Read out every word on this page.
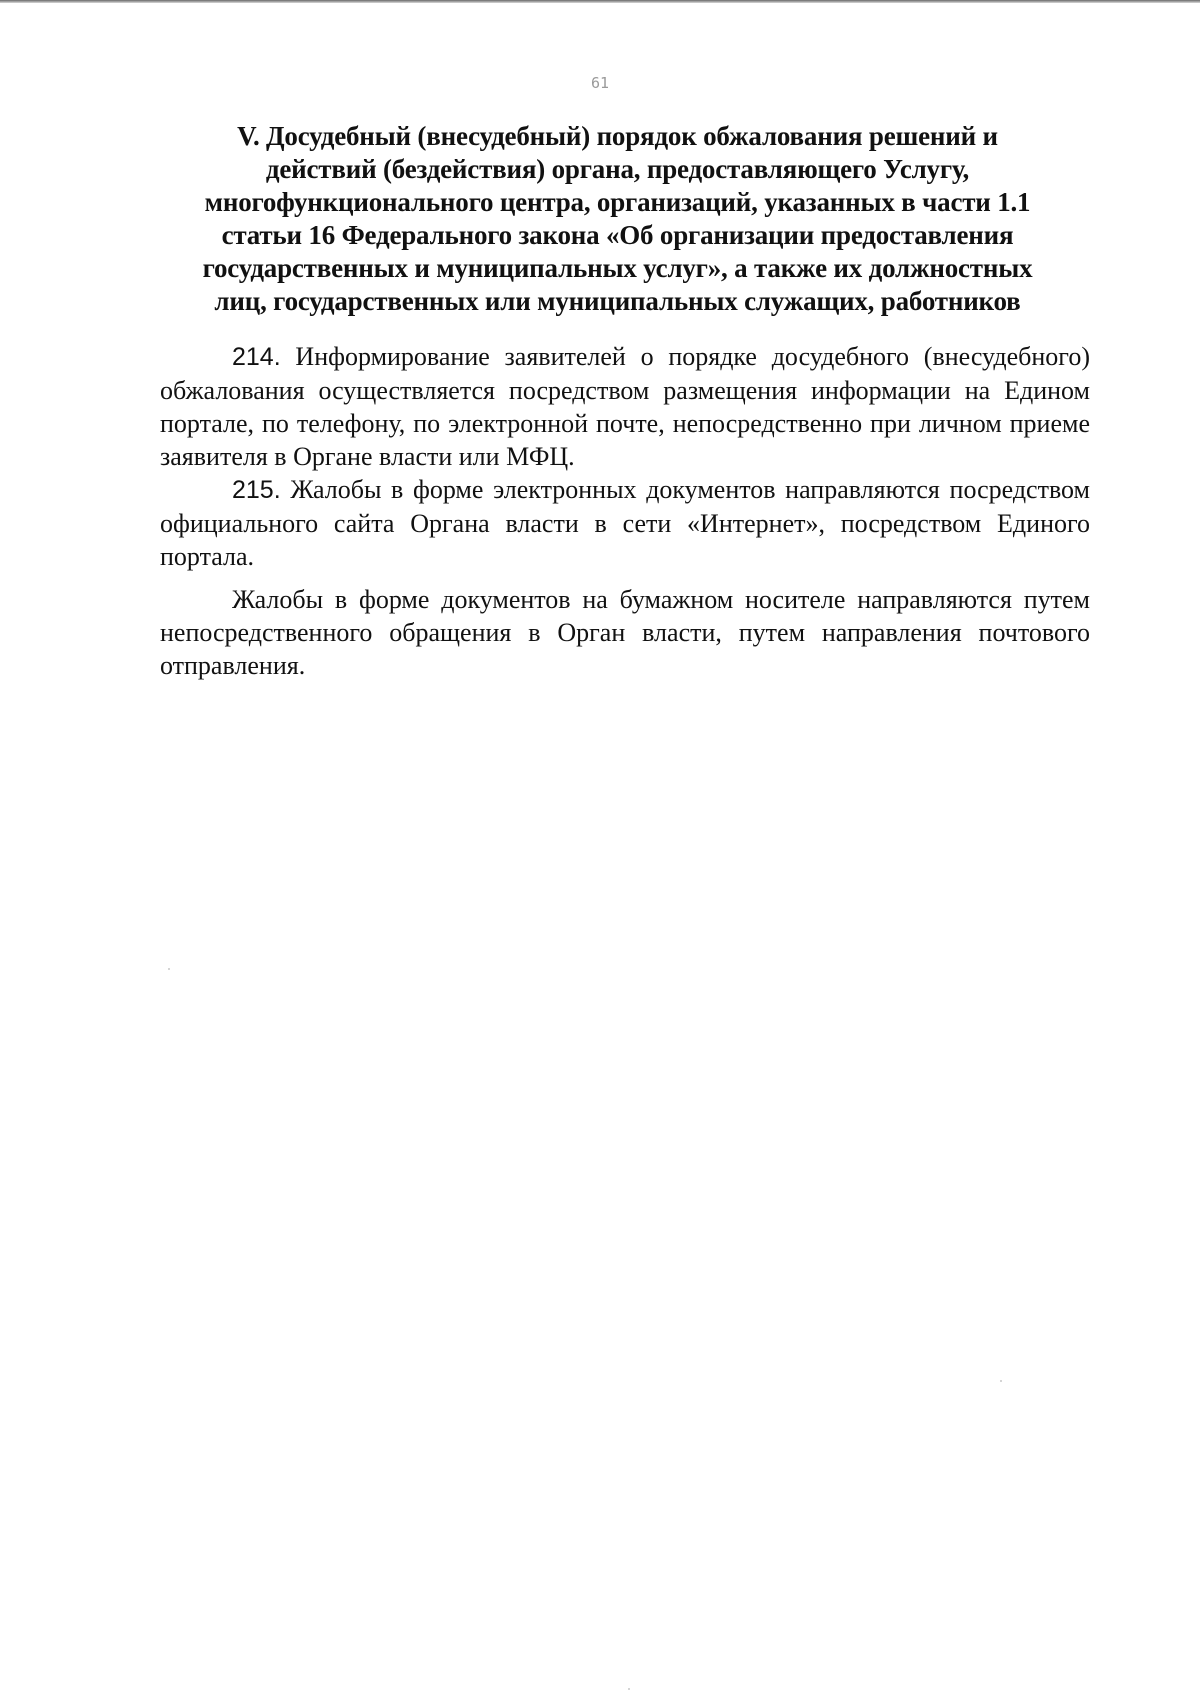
61
V. Досудебный (внесудебный) порядок обжалования решений и
действий (бездействия) органа, предоставляющего Услугу,
многофункционального центра, организаций, указанных в части 1.1
статьи 16 Федерального закона «Об организации предоставления
государственных и муниципальных услуг», а также их должностных
лиц, государственных или муниципальных служащих, работников

214. Информирование заявителей о порядке досудебного (внесудебного) обжалования осуществляется посредством размещения информации на Едином портале, по телефону, по электронной почте, непосредственно при личном приеме заявителя в Органе власти или МФЦ.

215. Жалобы в форме электронных документов направляются посредством официального сайта Органа власти в сети «Интернет», посредством Единого портала.

Жалобы в форме документов на бумажном носителе направляются путем непосредственного обращения в Орган власти, путем направления почтового отправления.
